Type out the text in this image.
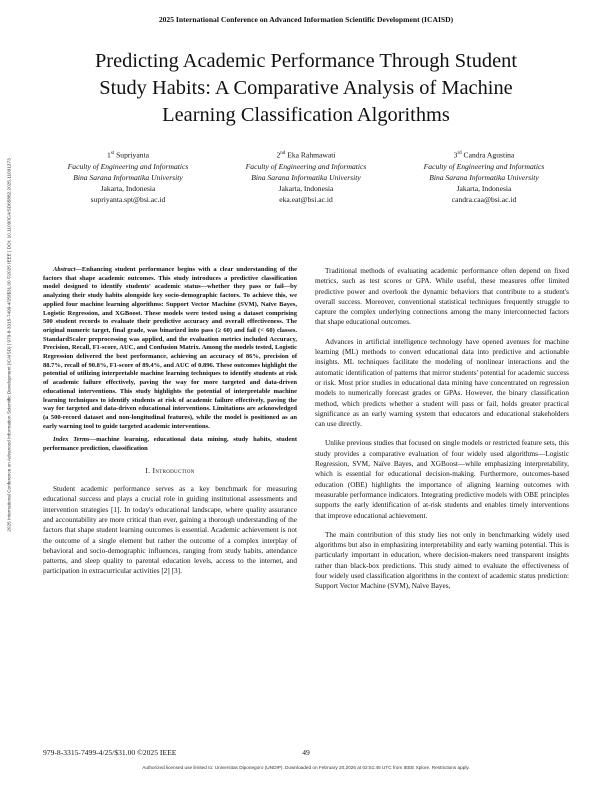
2025 International Conference on Advanced Information Scientific Development (ICAISD)
Predicting Academic Performance Through Student
Study Habits: A Comparative Analysis of Machine
Learning Classification Algorithms
2025 International Conference on Advanced Information Scientific Development (ICAISD) | 979-8-3315-7499-4/25/$31.00 ©2025 IEEE | DOI: 10.1109/ICAISD65882.2025.11091373
1st Supriyanta
Faculty of Engineering and Informatics
Bina Sarana Informatika University
Jakarta, Indonesia
supriyanta.spt@bsi.ac.id
2nd Eka Rahmawati
Faculty of Engineering and Informatics
Bina Sarana Informatika University
Jakarta, Indonesia
eka.eat@bsi.ac.id
3rd Candra Agustina
Faculty of Engineering and Informatics
Bina Sarana Informatika University
Jakarta, Indonesia
candra.caa@bsi.ac.id

Abstract—Enhancing student performance begins with a clear understanding of the factors that shape academic outcomes. This study introduces a predictive classification model designed to identify students' academic status—whether they pass or fail—by analyzing their study habits alongside key socio-demographic factors. To achieve this, we applied four machine learning algorithms: Support Vector Machine (SVM), Naïve Bayes, Logistic Regression, and XGBoost. These models were tested using a dataset comprising 500 student records to evaluate their predictive accuracy and overall effectiveness. The original numeric target, final grade, was binarized into pass (≥ 60) and fail (< 60) classes. StandardScaler preprocessing was applied, and the evaluation metrics included Accuracy, Precision, Recall, F1-score, AUC, and Confusion Matrix. Among the models tested, Logistic Regression delivered the best performance, achieving an accuracy of 86%, precision of 88.7%, recall of 90.8%, F1-score of 89.4%, and AUC of 0.896. These outcomes highlight the potential of utilizing interpretable machine learning techniques to identify students at risk of academic failure effectively, paving the way for more targeted and data-driven educational interventions. This study highlights the potential of interpretable machine learning techniques to identify students at risk of academic failure effectively, paving the way for targeted and data-driven educational interventions. Limitations are acknowledged (a 500-record dataset and non-longitudinal features), while the model is positioned as an early warning tool to guide targeted academic interventions.

Index Terms—machine learning, educational data mining, study habits, student performance prediction, classification

I. Introduction

Student academic performance serves as a key benchmark for measuring educational success and plays a crucial role in guiding institutional assessments and intervention strategies [1]. In today's educational landscape, where quality assurance and accountability are more critical than ever, gaining a thorough understanding of the factors that shape student learning outcomes is essential. Academic achievement is not the outcome of a single element but rather the outcome of a complex interplay of behavioral and socio-demographic influences, ranging from study habits, attendance patterns, and sleep quality to parental education levels, access to the internet, and participation in extracurricular activities [2] [3].

Traditional methods of evaluating academic performance often depend on fixed metrics, such as test scores or GPA. While useful, these measures offer limited predictive power and overlook the dynamic behaviors that contribute to a student's overall success. Moreover, conventional statistical techniques frequently struggle to capture the complex underlying connections among the many interconnected factors that shape educational outcomes.

Advances in artificial intelligence technology have opened avenues for machine learning (ML) methods to convert educational data into predictive and actionable insights. ML techniques facilitate the modeling of nonlinear interactions and the automatic identification of patterns that mirror students' potential for academic success or risk. Most prior studies in educational data mining have concentrated on regression models to numerically forecast grades or GPAs. However, the binary classification method, which predicts whether a student will pass or fail, holds greater practical significance as an early warning system that educators and educational stakeholders can use directly.

Unlike previous studies that focused on single models or restricted feature sets, this study provides a comparative evaluation of four widely used algorithms—Logistic Regression, SVM, Naïve Bayes, and XGBoost—while emphasizing interpretability, which is essential for educational decision-making. Furthermore, outcomes-based education (OBE) highlights the importance of aligning learning outcomes with measurable performance indicators. Integrating predictive models with OBE principles supports the early identification of at-risk students and enables timely interventions that improve educational achievement.

The main contribution of this study lies not only in benchmarking widely used algorithms but also in emphasizing interpretability and early warning potential. This is particularly important in education, where decision-makers need transparent insights rather than black-box predictions. This study aimed to evaluate the effectiveness of four widely used classification algorithms in the context of academic status prediction: Support Vector Machine (SVM), Naïve Bayes,

979-8-3315-7499-4/25/$31.00 ©2025 IEEE	49
Authorized licensed use limited to: Universitas Diponegoro (UNDIP). Downloaded on February 20,2026 at 02:51:45 UTC from IEEE Xplore. Restrictions apply.
